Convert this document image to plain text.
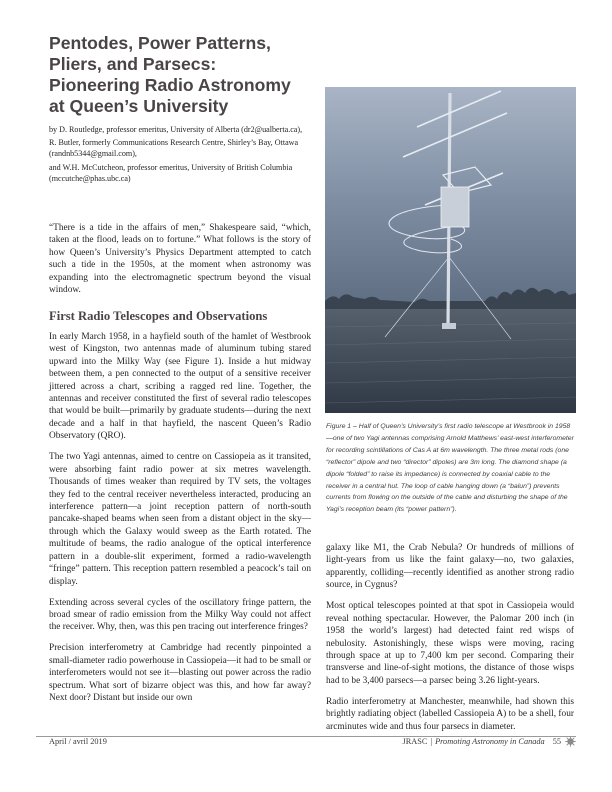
Pentodes, Power Patterns, Pliers, and Parsecs: Pioneering Radio Astronomy at Queen’s University

by D. Routledge, professor emeritus, University of Alberta (dr2@ualberta.ca),

R. Butler, formerly Communications Research Centre, Shirley’s Bay, Ottawa (randnb5344@gmail.com),

and W.H. McCutcheon, professor emeritus, University of British Columbia (mccutche@phas.ubc.ca)

“There is a tide in the affairs of men,” Shakespeare said, “which, taken at the flood, leads on to fortune.” What follows is the story of how Queen’s University’s Physics Department attempted to catch such a tide in the 1950s, at the moment when astronomy was expanding into the electromagnetic spectrum beyond the visual window.

First Radio Telescopes and Observations

In early March 1958, in a hayfield south of the hamlet of Westbrook west of Kingston, two antennas made of aluminum tubing stared upward into the Milky Way (see Figure 1). Inside a hut midway between them, a pen connected to the output of a sensitive receiver jittered across a chart, scribing a ragged red line. Together, the antennas and receiver constituted the first of several radio telescopes that would be built—primarily by graduate students—during the next decade and a half in that hayfield, the nascent Queen’s Radio Observatory (QRO).

The two Yagi antennas, aimed to centre on Cassiopeia as it transited, were absorbing faint radio power at six metres wavelength. Thousands of times weaker than required by TV sets, the voltages they fed to the central receiver nevertheless interacted, producing an interference pattern—a joint reception pattern of north-south pancake-shaped beams when seen from a distant object in the sky—through which the Galaxy would sweep as the Earth rotated. The multitude of beams, the radio analogue of the optical interference pattern in a double-slit experiment, formed a radio-wavelength “fringe” pattern. This reception pattern resembled a peacock’s tail on display.

Extending across several cycles of the oscillatory fringe pattern, the broad smear of radio emission from the Milky Way could not affect the receiver. Why, then, was this pen tracing out interference fringes?

Precision interferometry at Cambridge had recently pinpointed a small-diameter radio powerhouse in Cassiopeia—it had to be small or interferometers would not see it—blasting out power across the radio spectrum. What sort of bizarre object was this, and how far away? Next door? Distant but inside our own

Figure 1 – Half of Queen’s University’s first radio telescope at Westbrook in 1958—one of two Yagi antennas comprising Arnold Matthews’ east-west interferometer for recording scintillations of Cas A at 6m wavelength. The three metal rods (one “reflector” dipole and two “director” dipoles) are 3m long. The diamond shape (a dipole “folded” to raise its impedance) is connected by coaxial cable to the receiver in a central hut. The loop of cable hanging down (a “balun”) prevents currents from flowing on the outside of the cable and disturbing the shape of the Yagi’s reception beam (its “power pattern”).

galaxy like M1, the Crab Nebula? Or hundreds of millions of light-years from us like the faint galaxy—no, two galaxies, apparently, colliding—recently identified as another strong radio source, in Cygnus?

Most optical telescopes pointed at that spot in Cassiopeia would reveal nothing spectacular. However, the Palomar 200 inch (in 1958 the world’s largest) had detected faint red wisps of nebulosity. Astonishingly, these wisps were moving, racing through space at up to 7,400 km per second. Comparing their transverse and line-of-sight motions, the distance of those wisps had to be 3,400 parsecs—a parsec being 3.26 light-years.

Radio interferometry at Manchester, meanwhile, had shown this brightly radiating object (labelled Cassiopeia A) to be a shell, four arcminutes wide and thus four parsecs in diameter.

April / avril 2019	JRASC | Promoting Astronomy in Canada 55
